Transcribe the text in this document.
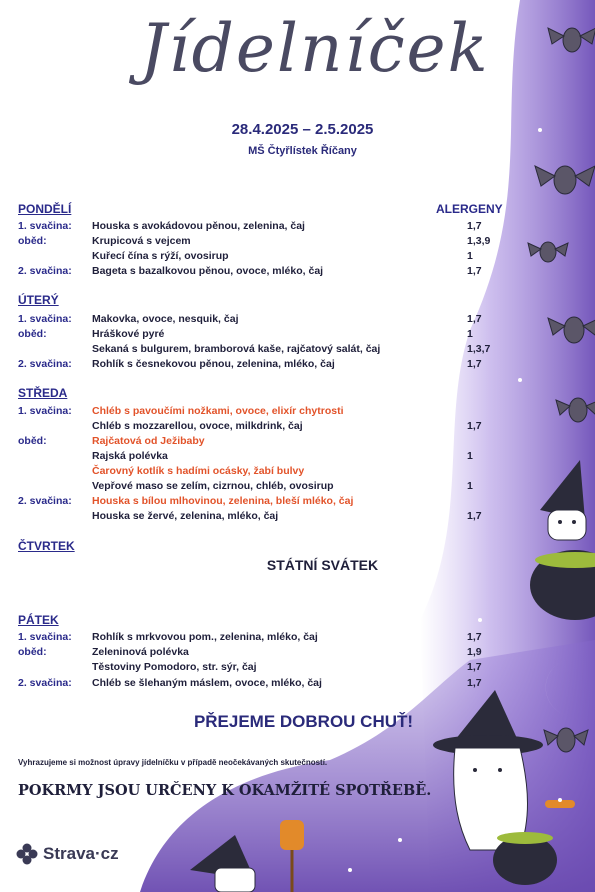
Jídelníček
28.4.2025 – 2.5.2025
MŠ Čtyřlístek Říčany
ALERGENY
PONDĚLÍ
1. svačina: Houska s avokádovou pěnou, zelenina, čaj	1,7
oběd:	Krupicová s vejcem	1,3,9
Kuřecí čína s rýží, ovosirup	1
2. svačina: Bageta s bazalkovou pěnou, ovoce, mléko, čaj	1,7
ÚTERÝ
1. svačina: Makovka, ovoce, nesquik, čaj	1,7
oběd:	Hráškové pyré	1
Sekaná s bulgurem, bramborová kaše, rajčatový salát, čaj	1,3,7
2. svačina: Rohlík s česnekovou pěnou, zelenina, mléko, čaj	1,7
STŘEDA
1. svačina: Chléb s pavoučími nožkami, ovoce, elixír chytrosti
Chléb s mozzarellou, ovoce, milkdrink, čaj	1,7
oběd:	Rajčatová od Ježibaby
Rajská polévka	1
Čarovný kotlík s hadími ocásky, žabí bulvy
Vepřové maso se zelím, cizrnou, chléb, ovosirup	1
2. svačina: Houska s bílou mlhovinou, zelenina, bleší mléko, čaj
Houska se žervé, zelenina, mléko, čaj	1,7
ČTVRTEK
STÁTNÍ SVÁTEK
PÁTEK
1. svačina: Rohlík s mrkvovou pom., zelenina, mléko, čaj	1,7
oběd:	Zeleninová polévka	1,9
Těstoviny Pomodoro, str. sýr, čaj	1,7
2. svačina: Chléb se šlehaným máslem, ovoce, mléko, čaj	1,7
PŘEJEME DOBROU CHUŤ!
Vyhrazujeme si možnost úpravy jídelníčku v případě neočekávaných skutečností.
POKRMY JSOU URČENY K OKAMŽITÉ SPOTŘEBĚ.
Strava·cz
